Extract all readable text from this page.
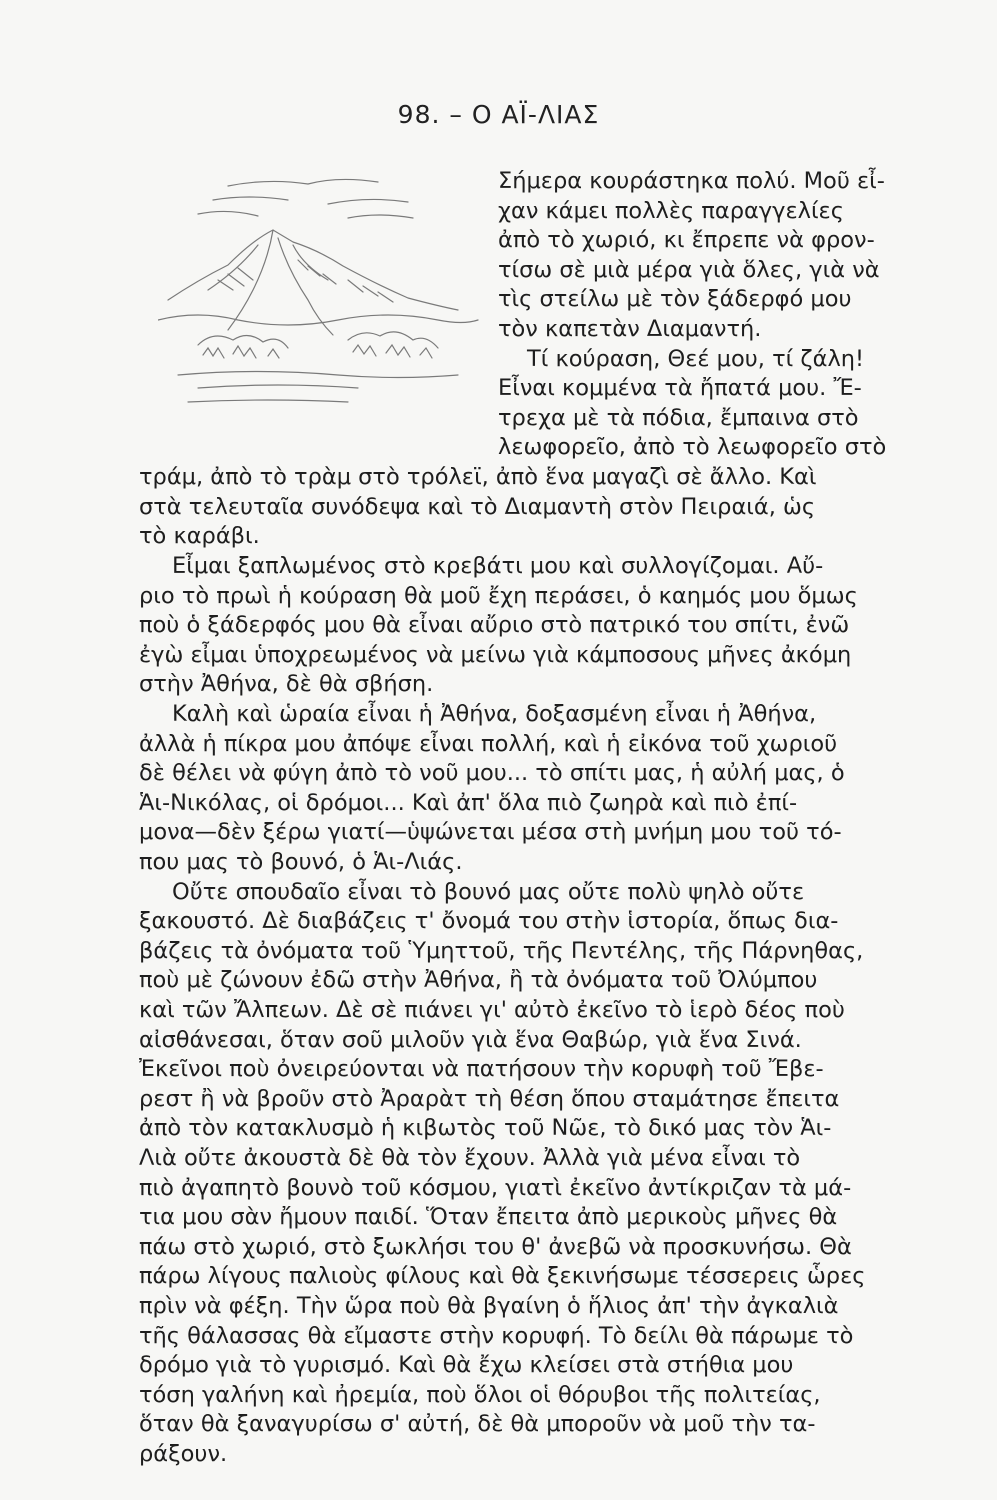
98. – Ο ΑΪ-ΛΙΑΣ
Σήμερα κουράστηκα πολύ. Μοῦ εἶ-
χαν κάμει πολλὲς παραγγελίες
ἀπὸ τὸ χωριό, κι ἔπρεπε νὰ φρον-
τίσω σὲ μιὰ μέρα γιὰ ὅλες, γιὰ νὰ
τὶς στείλω μὲ τὸν ξάδερφό μου
τὸν καπετὰν Διαμαντή.
Τί κούραση, Θεέ μου, τί ζάλη!
Εἶναι κομμένα τὰ ἤπατά μου. Ἔ-
τρεχα μὲ τὰ πόδια, ἔμπαινα στὸ
λεωφορεῖο, ἀπὸ τὸ λεωφορεῖο στὸ
τράμ, ἀπὸ τὸ τρὰμ στὸ τρόλεϊ, ἀπὸ ἕνα μαγαζὶ σὲ ἄλλο. Καὶ
στὰ τελευταῖα συνόδεψα καὶ τὸ Διαμαντὴ στὸν Πειραιά, ὡς
τὸ καράβι.
Εἶμαι ξαπλωμένος στὸ κρεβάτι μου καὶ συλλογίζομαι. Αὔ-
ριο τὸ πρωὶ ἡ κούραση θὰ μοῦ ἔχη περάσει, ὁ καημός μου ὅμως
ποὺ ὁ ξάδερφός μου θὰ εἶναι αὔριο στὸ πατρικό του σπίτι, ἐνῶ
ἐγὼ εἶμαι ὑποχρεωμένος νὰ μείνω γιὰ κάμποσους μῆνες ἀκόμη
στὴν Ἀθήνα, δὲ θὰ σβήση.
Καλὴ καὶ ὡραία εἶναι ἡ Ἀθήνα, δοξασμένη εἶναι ἡ Ἀθήνα,
ἀλλὰ ἡ πίκρα μου ἀπόψε εἶναι πολλή, καὶ ἡ εἰκόνα τοῦ χωριοῦ
δὲ θέλει νὰ φύγη ἀπὸ τὸ νοῦ μου... τὸ σπίτι μας, ἡ αὐλή μας, ὁ
Ἁι-Νικόλας, οἱ δρόμοι... Καὶ ἀπ' ὅλα πιὸ ζωηρὰ καὶ πιὸ ἐπί-
μονα—δὲν ξέρω γιατί—ὑψώνεται μέσα στὴ μνήμη μου τοῦ τό-
που μας τὸ βουνό, ὁ Ἁι-Λιάς.
Οὔτε σπουδαῖο εἶναι τὸ βουνό μας οὔτε πολὺ ψηλὸ οὔτε
ξακουστό. Δὲ διαβάζεις τ' ὄνομά του στὴν ἱστορία, ὅπως δια-
βάζεις τὰ ὀνόματα τοῦ Ὑμηττοῦ, τῆς Πεντέλης, τῆς Πάρνηθας,
ποὺ μὲ ζώνουν ἐδῶ στὴν Ἀθήνα, ἢ τὰ ὀνόματα τοῦ Ὀλύμπου
καὶ τῶν Ἄλπεων. Δὲ σὲ πιάνει γι' αὐτὸ ἐκεῖνο τὸ ἱερὸ δέος ποὺ
αἰσθάνεσαι, ὅταν σοῦ μιλοῦν γιὰ ἕνα Θαβώρ, γιὰ ἕνα Σινά.
Ἐκεῖνοι ποὺ ὀνειρεύονται νὰ πατήσουν τὴν κορυφὴ τοῦ Ἔβε-
ρεστ ἢ νὰ βροῦν στὸ Ἀραρὰτ τὴ θέση ὅπου σταμάτησε ἔπειτα
ἀπὸ τὸν κατακλυσμὸ ἡ κιβωτὸς τοῦ Νῶε, τὸ δικό μας τὸν Ἁι-
Λιὰ οὔτε ἀκουστὰ δὲ θὰ τὸν ἔχουν. Ἀλλὰ γιὰ μένα εἶναι τὸ
πιὸ ἀγαπητὸ βουνὸ τοῦ κόσμου, γιατὶ ἐκεῖνο ἀντίκριζαν τὰ μά-
τια μου σὰν ἤμουν παιδί. Ὅταν ἔπειτα ἀπὸ μερικοὺς μῆνες θὰ
πάω στὸ χωριό, στὸ ξωκλήσι του θ' ἀνεβῶ νὰ προσκυνήσω. Θὰ
πάρω λίγους παλιοὺς φίλους καὶ θὰ ξεκινήσωμε τέσσερεις ὧρες
πρὶν νὰ φέξη. Τὴν ὥρα ποὺ θὰ βγαίνη ὁ ἥλιος ἀπ' τὴν ἀγκαλιὰ
τῆς θάλασσας θὰ εἴμαστε στὴν κορυφή. Τὸ δείλι θὰ πάρωμε τὸ
δρόμο γιὰ τὸ γυρισμό. Καὶ θὰ ἔχω κλείσει στὰ στήθια μου
τόση γαλήνη καὶ ἠρεμία, ποὺ ὅλοι οἱ θόρυβοι τῆς πολιτείας,
ὅταν θὰ ξαναγυρίσω σ' αὐτή, δὲ θὰ μποροῦν νὰ μοῦ τὴν τα-
ράξουν.
